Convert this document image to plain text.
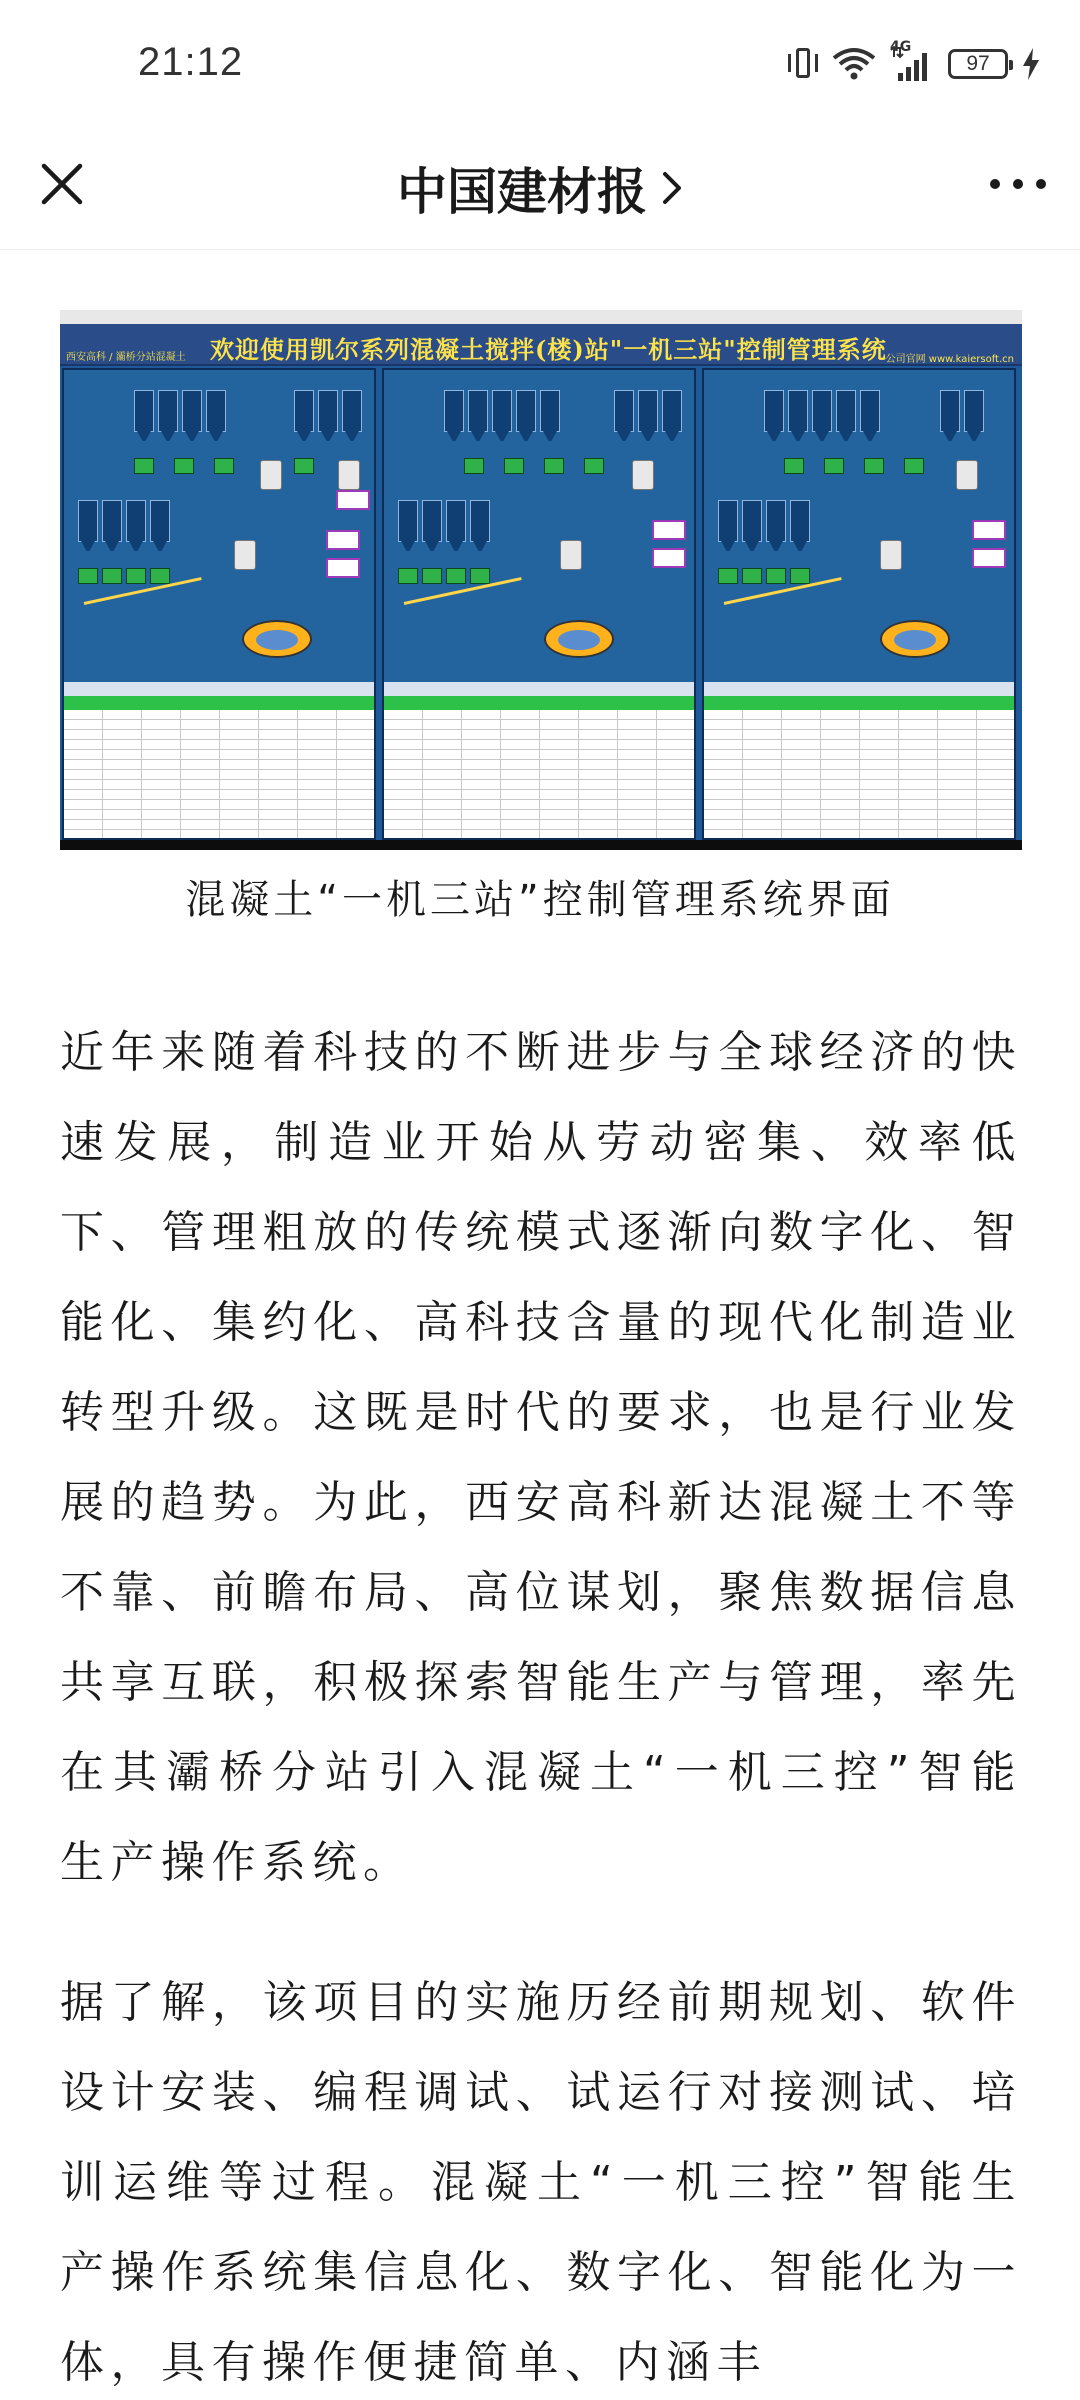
21:12	4G
97
中国建材报
西安高科 / 灞桥分站混凝土 欢迎使用凯尔系列混凝土搅拌(楼)站"一机三站"控制管理系统
公司官网 www.kaiersoft.cn
混凝土“一机三站”控制管理系统界面

近年来随着科技的不断进步与全球经济的快速发展，制造业开始从劳动密集、效率低下、管理粗放的传统模式逐渐向数字化、智能化、集约化、高科技含量的现代化制造业转型升级。这既是时代的要求，也是行业发展的趋势。为此，西安高科新达混凝土不等不靠、前瞻布局、高位谋划，聚焦数据信息共享互联，积极探索智能生产与管理，率先在其灞桥分站引入混凝土“一机三控”智能生产操作系统。

据了解，该项目的实施历经前期规划、软件设计安装、编程调试、试运行对接测试、培训运维等过程。混凝土“一机三控”智能生产操作系统集信息化、数字化、智能化为一体，具有操作便捷简单、内涵丰
